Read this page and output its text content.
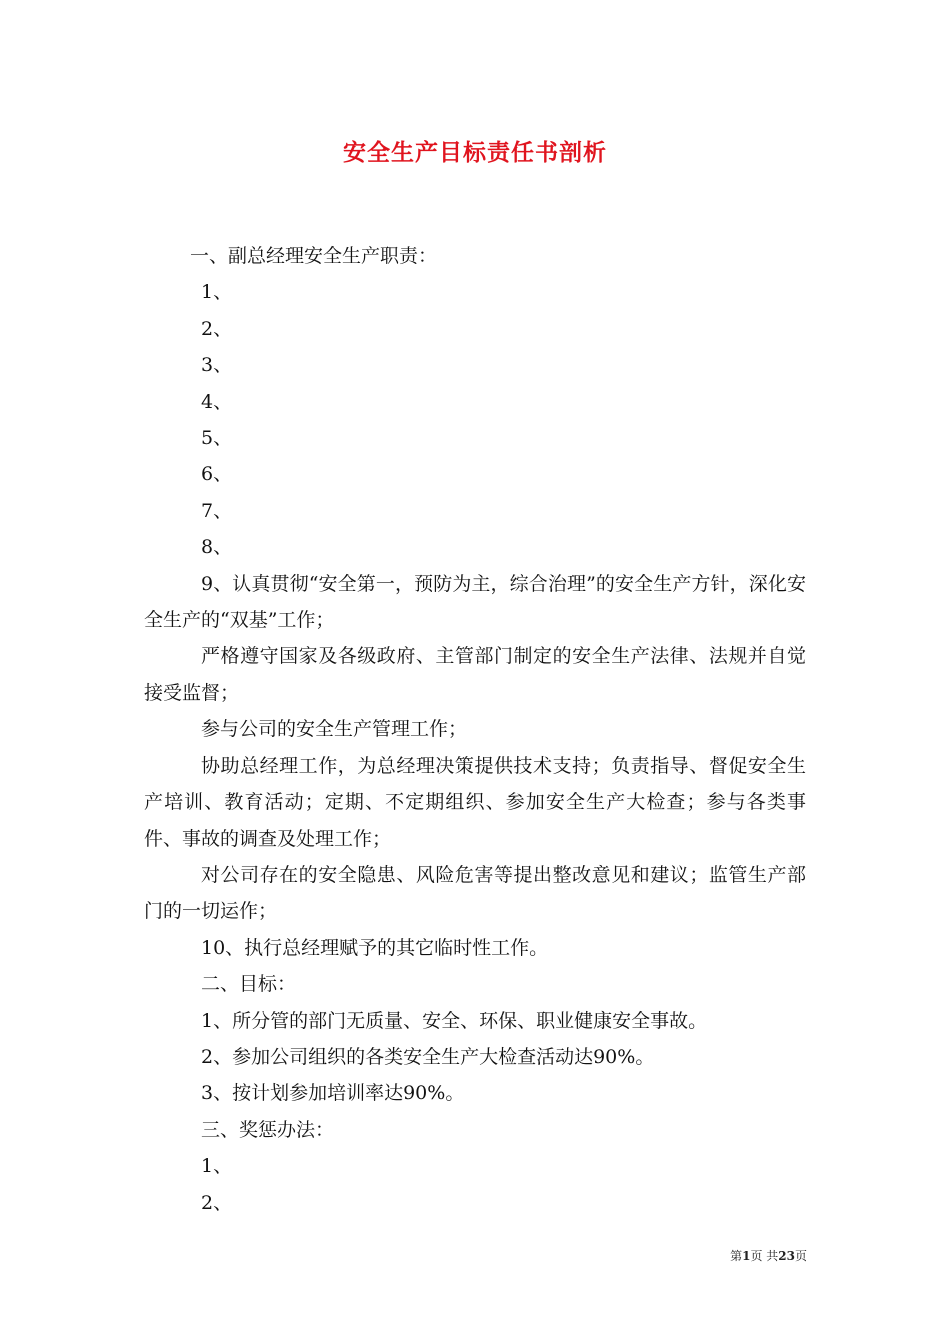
安全生产目标责任书剖析

一、副总经理安全生产职责：

1、

2、

3、

4、

5、

6、

7、

8、

9、认真贯彻“安全第一，预防为主，综合治理”的安全生产方针，深化安全生产的“双基”工作；

严格遵守国家及各级政府、主管部门制定的安全生产法律、法规并自觉接受监督；

参与公司的安全生产管理工作；

协助总经理工作，为总经理决策提供技术支持；负责指导、督促安全生产培训、教育活动；定期、不定期组织、参加安全生产大检查；参与各类事件、事故的调查及处理工作；

对公司存在的安全隐患、风险危害等提出整改意见和建议；监管生产部门的一切运作；

10、执行总经理赋予的其它临时性工作。

二、目标：

1、所分管的部门无质量、安全、环保、职业健康安全事故。

2、参加公司组织的各类安全生产大检查活动达90%。

3、按计划参加培训率达90%。

三、奖惩办法：

1、

2、

第1页 共23页
